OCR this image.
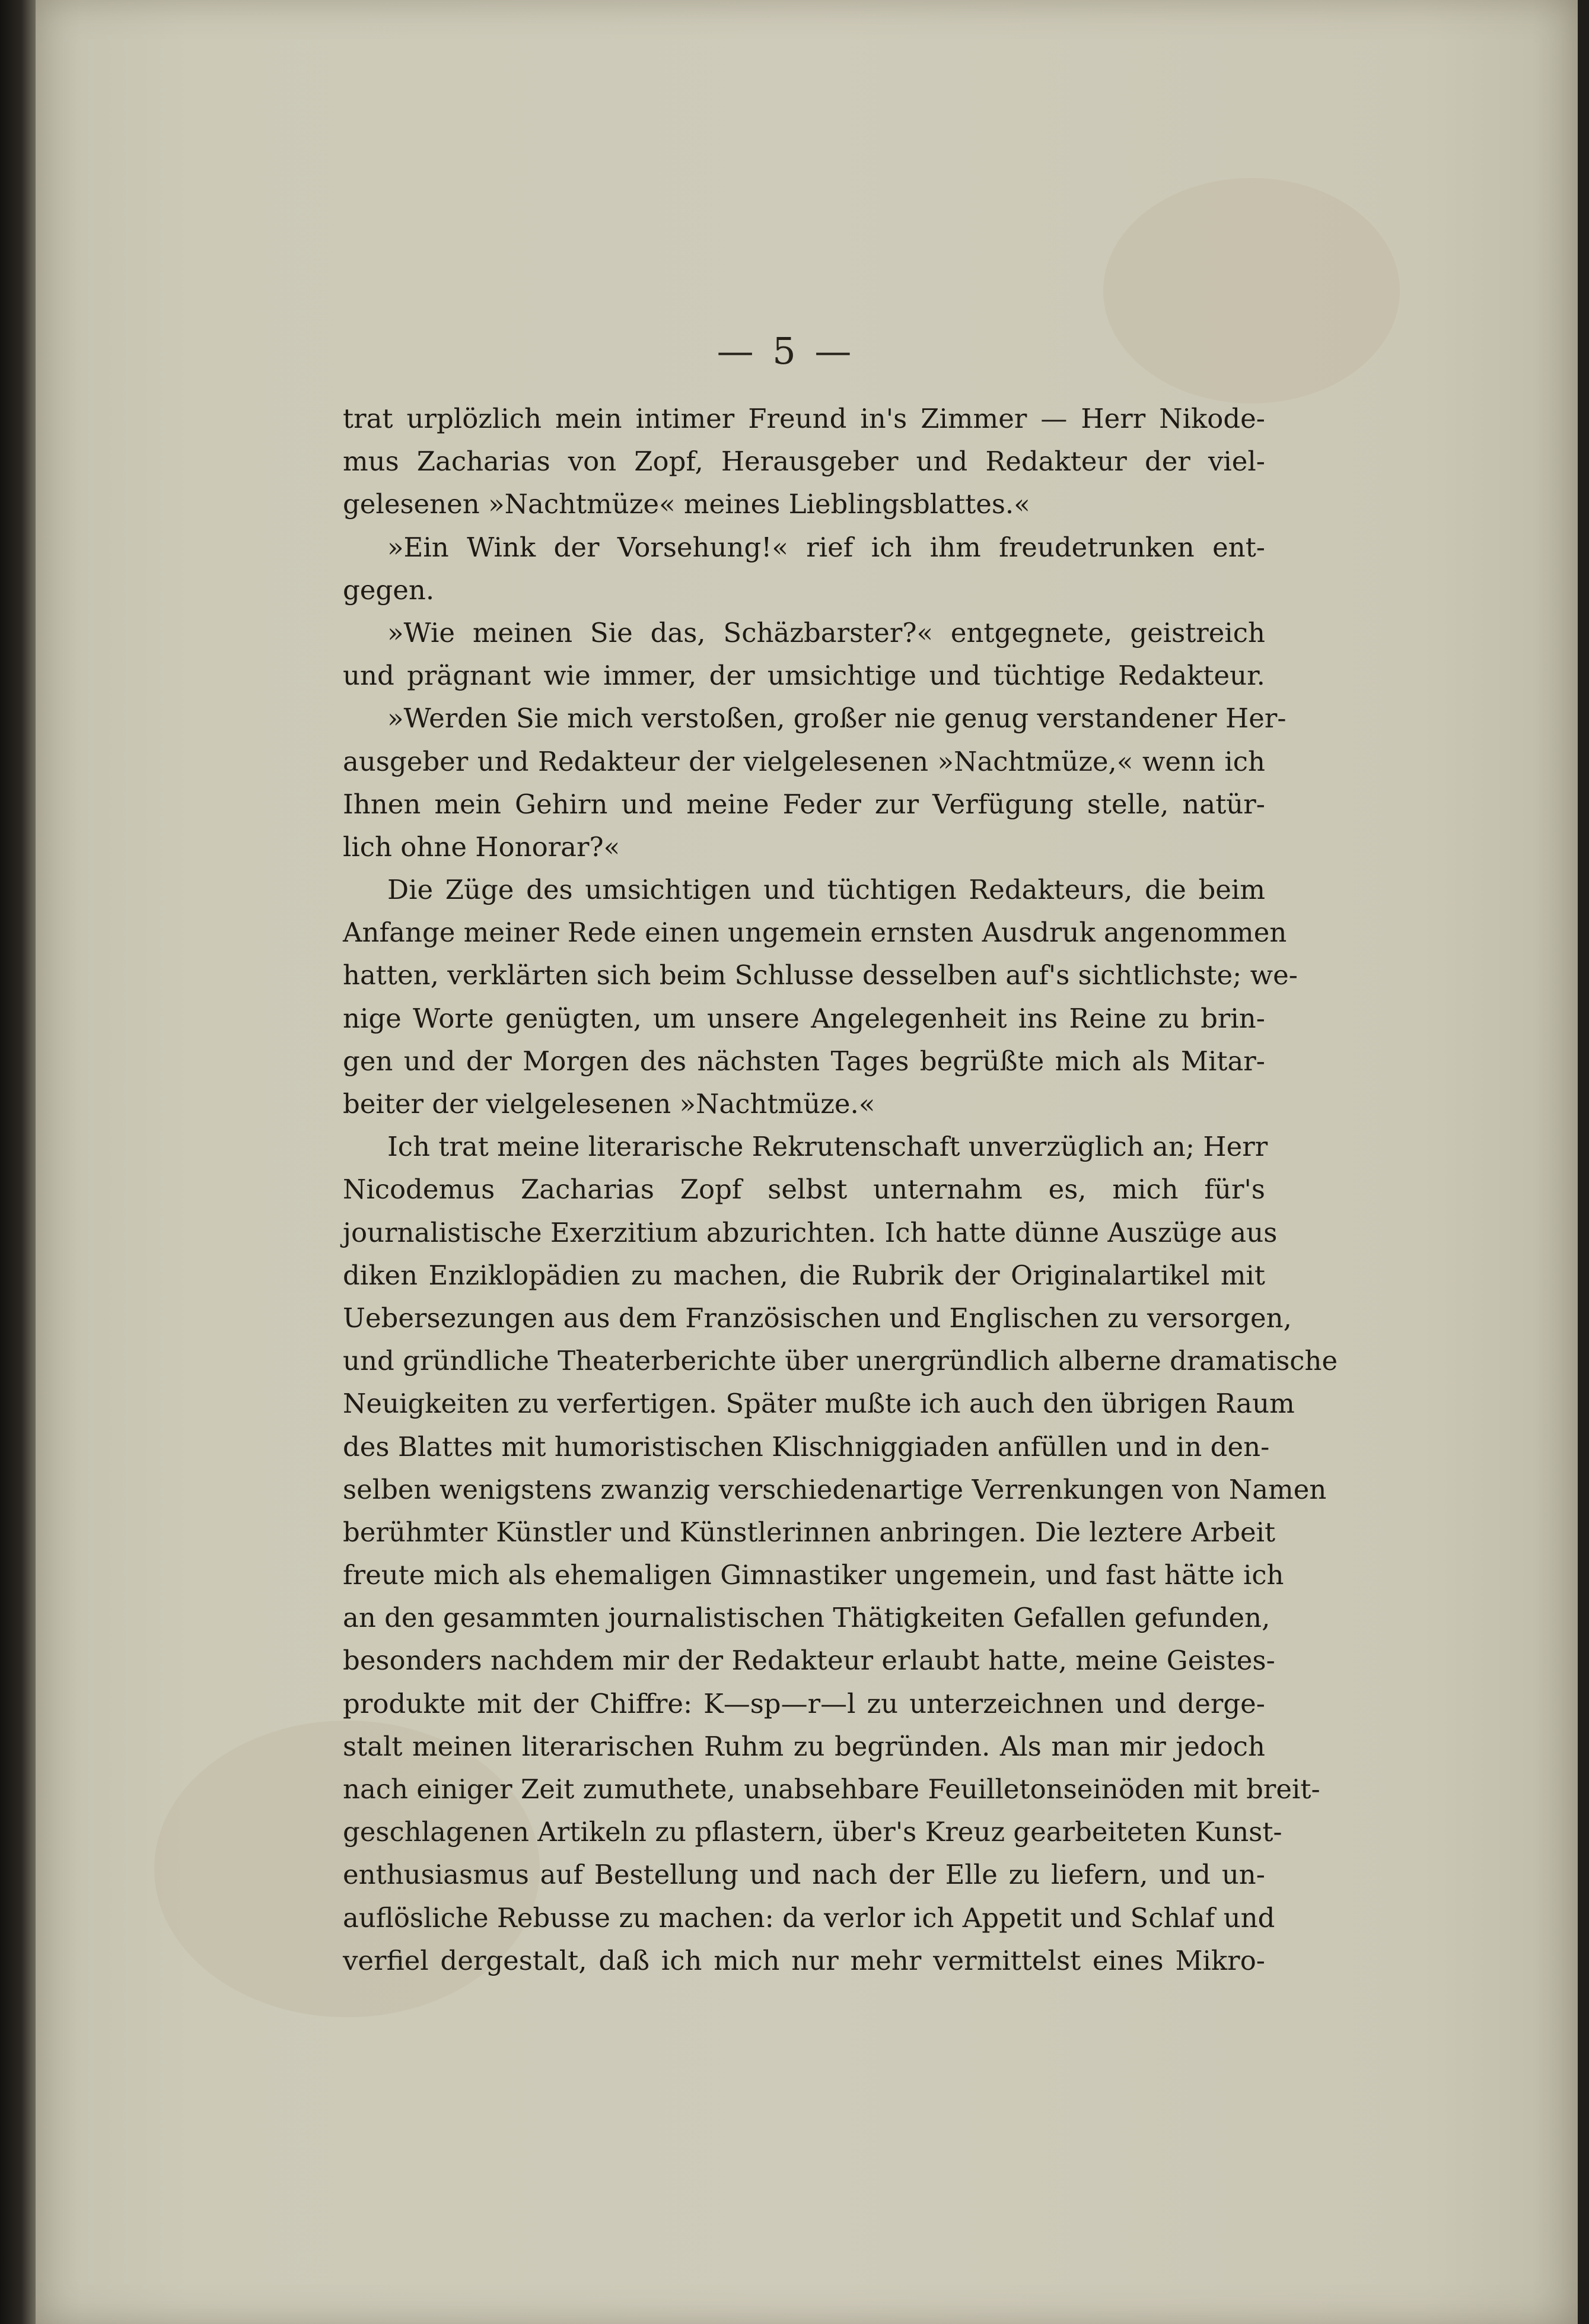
— 5 —
trat urplözlich mein intimer Freund in's Zimmer — Herr Nikode-
mus Zacharias von Zopf, Herausgeber und Redakteur der viel-
gelesenen »Nachtmüze« meines Lieblingsblattes.«
»Ein Wink der Vorsehung!« rief ich ihm freudetrunken ent-
gegen.
»Wie meinen Sie das, Schäzbarster?« entgegnete, geistreich
und prägnant wie immer, der umsichtige und tüchtige Redakteur.
»Werden Sie mich verstoßen, großer nie genug verstandener Her-
ausgeber und Redakteur der vielgelesenen »Nachtmüze,« wenn ich
Ihnen mein Gehirn und meine Feder zur Verfügung stelle, natür-
lich ohne Honorar?«
Die Züge des umsichtigen und tüchtigen Redakteurs, die beim
Anfange meiner Rede einen ungemein ernsten Ausdruk angenommen
hatten, verklärten sich beim Schlusse desselben auf's sichtlichste; we-
nige Worte genügten, um unsere Angelegenheit ins Reine zu brin-
gen und der Morgen des nächsten Tages begrüßte mich als Mitar-
beiter der vielgelesenen »Nachtmüze.«
Ich trat meine literarische Rekrutenschaft unverzüglich an; Herr
Nicodemus Zacharias Zopf selbst unternahm es, mich für's
journalistische Exerzitium abzurichten. Ich hatte dünne Auszüge aus
diken Enziklopädien zu machen, die Rubrik der Originalartikel mit
Uebersezungen aus dem Französischen und Englischen zu versorgen,
und gründliche Theaterberichte über unergründlich alberne dramatische
Neuigkeiten zu verfertigen. Später mußte ich auch den übrigen Raum
des Blattes mit humoristischen Klischniggiaden anfüllen und in den-
selben wenigstens zwanzig verschiedenartige Verrenkungen von Namen
berühmter Künstler und Künstlerinnen anbringen. Die leztere Arbeit
freute mich als ehemaligen Gimnastiker ungemein, und fast hätte ich
an den gesammten journalistischen Thätigkeiten Gefallen gefunden,
besonders nachdem mir der Redakteur erlaubt hatte, meine Geistes-
produkte mit der Chiffre: K—sp—r—l zu unterzeichnen und derge-
stalt meinen literarischen Ruhm zu begründen. Als man mir jedoch
nach einiger Zeit zumuthete, unabsehbare Feuilletonseinöden mit breit-
geschlagenen Artikeln zu pflastern, über's Kreuz gearbeiteten Kunst-
enthusiasmus auf Bestellung und nach der Elle zu liefern, und un-
auflösliche Rebusse zu machen: da verlor ich Appetit und Schlaf und
verfiel dergestalt, daß ich mich nur mehr vermittelst eines Mikro-
